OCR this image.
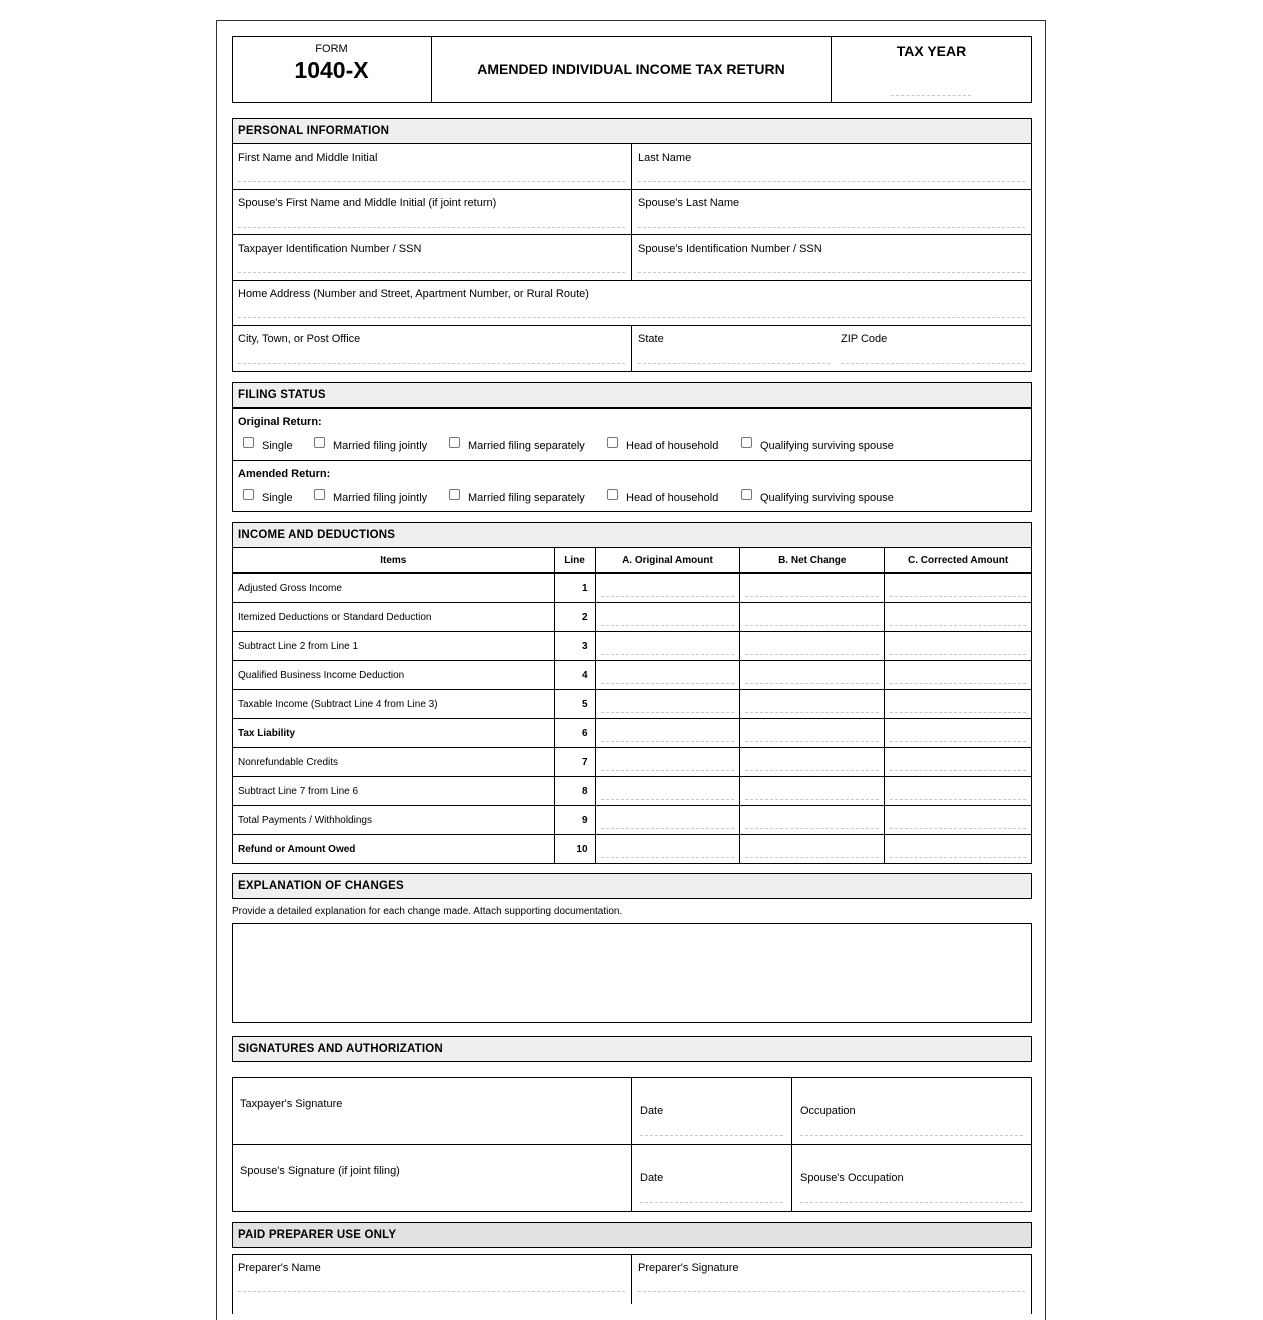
FORM
1040-X	AMENDED INDIVIDUAL INCOME TAX RETURN
TAX YEAR
PERSONAL INFORMATION
First Name and Middle Initial	Last Name
Spouse's First Name and Middle Initial (if joint return)	Spouse's Last Name
Taxpayer Identification Number / SSN	Spouse's Identification Number / SSN
Home Address (Number and Street, Apartment Number, or Rural Route)
City, Town, or Post Office	State	ZIP Code
FILING STATUS
Original Return:
Single	Married filing jointly	Married filing separately	Head of household	Qualifying surviving spouse
Amended Return:
Single	Married filing jointly	Married filing separately	Head of household	Qualifying surviving spouse
INCOME AND DEDUCTIONS
Items	Line	A. Original Amount	B. Net Change	C. Corrected Amount
Adjusted Gross Income	1	

Itemized Deductions or Standard Deduction	2	

Subtract Line 2 from Line 1	3	

Qualified Business Income Deduction	4	

Taxable Income (Subtract Line 4 from Line 3)	5	

Tax Liability	6	

Nonrefundable Credits	7	

Subtract Line 7 from Line 6	8	

Total Payments / Withholdings	9	

Refund or Amount Owed	10	

EXPLANATION OF CHANGES
Provide a detailed explanation for each change made. Attach supporting documentation.
SIGNATURES AND AUTHORIZATION
Taxpayer's Signature
Date	Occupation
Spouse's Signature (if joint filing)
Date	Spouse's Occupation
PAID PREPARER USE ONLY
Preparer's Name	Preparer's Signature
